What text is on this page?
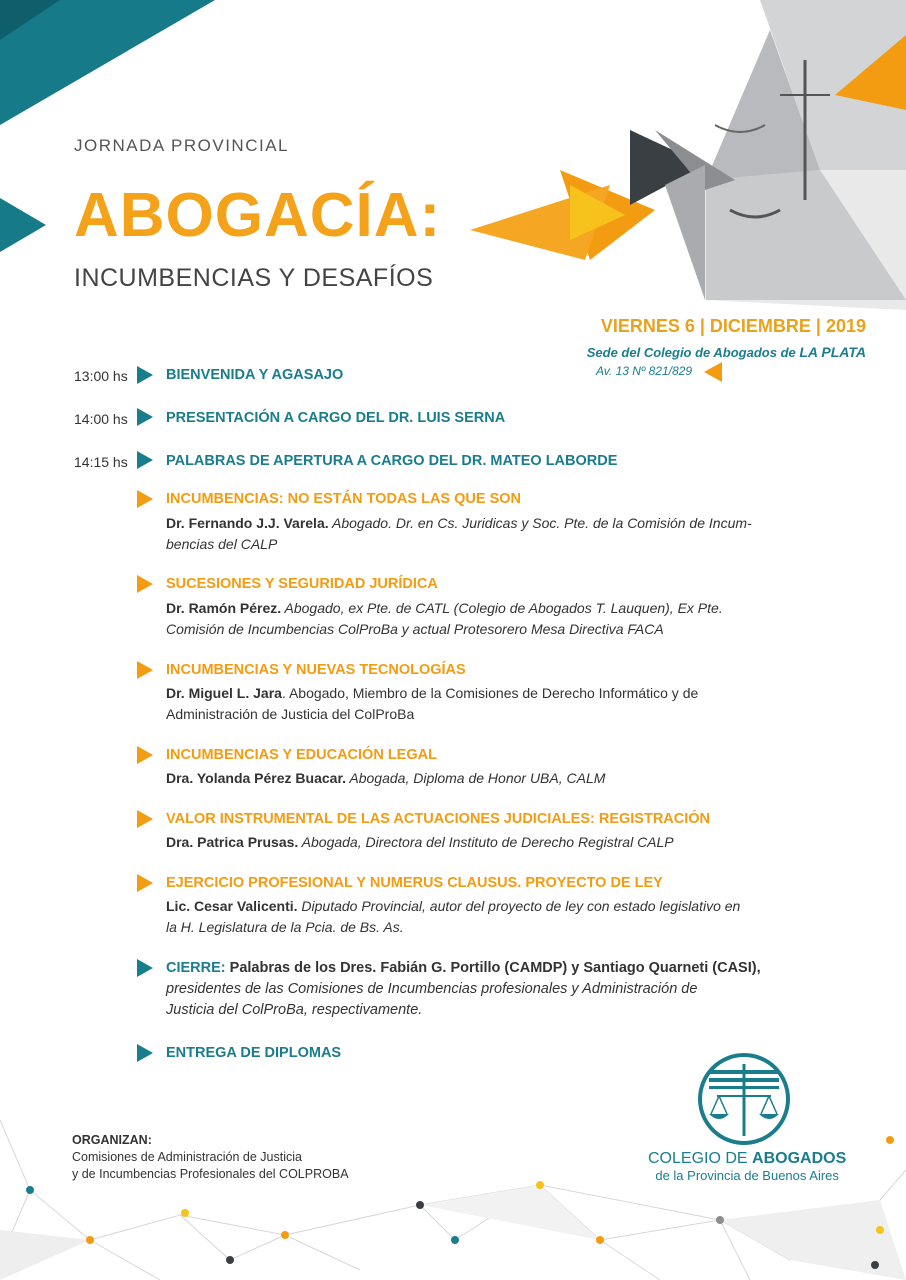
JORNADA PROVINCIAL
ABOGACÍA:
INCUMBENCIAS Y DESAFÍOS
VIERNES 6 | DICIEMBRE | 2019
Sede del Colegio de Abogados de LA PLATA
Av. 13 Nº 821/829
13:00 hs	BIENVENIDA Y AGASAJO
14:00 hs	PRESENTACIÓN A CARGO DEL DR. LUIS SERNA
14:15 hs	PALABRAS DE APERTURA A CARGO DEL DR. MATEO LABORDE
INCUMBENCIAS: NO ESTÁN TODAS LAS QUE SON
Dr. Fernando J.J. Varela. Abogado. Dr. en Cs. Juridicas y Soc. Pte. de la Comisión de Incum-
bencias del CALP
SUCESIONES Y SEGURIDAD JURÍDICA
Dr. Ramón Pérez. Abogado, ex Pte. de CATL (Colegio de Abogados T. Lauquen), Ex Pte.
Comisión de Incumbencias ColProBa y actual Protesorero Mesa Directiva FACA
INCUMBENCIAS Y NUEVAS TECNOLOGÍAS
Dr. Miguel L. Jara. Abogado, Miembro de la Comisiones de Derecho Informático y de
Administración de Justicia del ColProBa
INCUMBENCIAS Y EDUCACIÓN LEGAL
Dra. Yolanda Pérez Buacar. Abogada, Diploma de Honor UBA, CALM
VALOR INSTRUMENTAL DE LAS ACTUACIONES JUDICIALES: REGISTRACIÓN
Dra. Patrica Prusas. Abogada, Directora del Instituto de Derecho Registral CALP
EJERCICIO PROFESIONAL Y NUMERUS CLAUSUS. PROYECTO DE LEY
Lic. Cesar Valicenti. Diputado Provincial, autor del proyecto de ley con estado legislativo en
la H. Legislatura de la Pcia. de Bs. As.
CIERRE: Palabras de los Dres. Fabián G. Portillo (CAMDP) y Santiago Quarneti (CASI),
presidentes de las Comisiones de Incumbencias profesionales y Administración de
Justicia del ColProBa, respectivamente.
ENTREGA DE DIPLOMAS
ORGANIZAN:
Comisiones de Administración de Justicia
y de Incumbencias Profesionales del COLPROBA
COLEGIO DE ABOGADOS
de la Provincia de Buenos Aires
